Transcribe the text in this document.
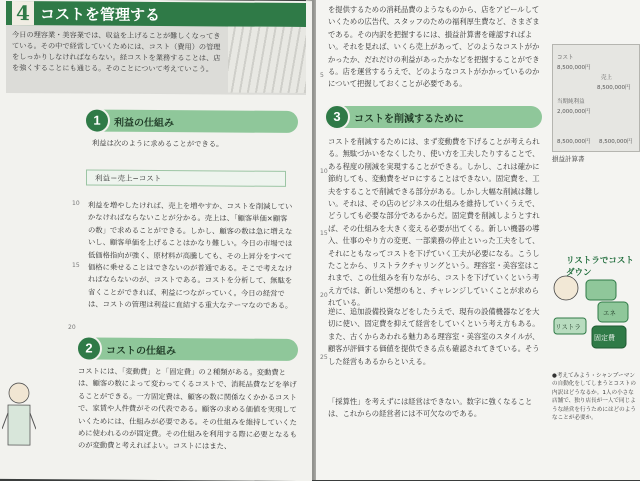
4 コストを管理する
今日の理容業・美容業では、収益を上げることが難しくなってきている。その中で経営していくためには、コスト（費用）の管理をしっかりしなければならない。経コストを業務することは、店を強くすることにも通じる。そのことについて考えていこう。
1	利益の仕組み
利益は次のように求めることができる。
利益＝売上−コスト
利益を増やしたければ、売上を増やすか、コストを削減していかなければならないことが分かる。売上は、「顧客単価×顧客の数」で求めることができる。しかし、顧客の数は急に増えないし、顧客単価を上げることはかなり難しい。今日の市場では低価格指向が強く、原材料が高騰しても、その上昇分をすべて価格に乗せることはできないのが普通である。そこで考えなければならないのが、コストである。コストを分析して、無駄を省くことができれば、利益につながっていく。今日の経営では、コストの管理は利益に直結する重大なテーマなのである。
2	コストの仕組み
コストには、「変動費」と「固定費」の２種類がある。変動費とは、顧客の数によって変わってくるコストで、消耗品費などを挙げることができる。一方固定費は、顧客の数に関係なくかかるコストで、家賃や人件費がその代表である。顧客の求める価値を実現していくためには、仕組みが必要である。その仕組みを維持していくために使われるのが固定費。その仕組みを利用する際に必要となるものが変動費と考えればよい。コストにはまた、
を提供するための消耗品費のようなものから、店をアピールしていくための広告代、スタッフのための福利厚生費など、さまざまである。その内訳を把握するには、損益計算書を確認すればよい。それを見れば、いくら売上があって、どのようなコストがかかったか、だれだけの利益があったかなどを把握することができる。店を運営するうえで、どのようなコストがかかっているのかについて把握しておくことが必要である。
3	コストを削減するために
コストを削減するためには、まず変動費を下げることが考えられる。無駄づかいをなくしたり、使い方を工夫したりすることで、ある程度の削減を実現することができる。しかし、これは確かに節約しても、変動費をゼロにすることはできない。固定費を、工夫をすることで削減できる部分がある。しかし大幅な削減は難しい。それは、その店のビジネスの仕組みを維持していくうえで、どうしても必要な部分であるからだ。固定費を削減しようとすれば、その仕組みを大きく変える必要が出てくる。新しい機器の導入、仕事のやり方の変更、一部業務の停止といった工夫をして、それにともなってコストを下げていく工夫が必要になる。こうしたことから、リストラクチャリングという。理容室・美容室はこれまで、この仕組みを有りながら、コストを下げていくという考え方では、新しい発想のもと、チャレンジしていくことが求められている。
逆に、追加設備投資などをしたうえで、現有の設備機器などを大切に使い、固定費を抑えて経営をしていくという考え方もある。また、古くからあわれる魅力ある理容室・美容室のスタイルが、顧客が評価する価値を提供できる点も確認されてきている。そうした経営もあるからといえる。
「採算性」を考えずには経営はできない。数字に強くなることは、これからの経営者には不可欠なのである。
コスト
8,500,000円
売上
8,500,000円
当期純利益
2,000,000円
8,500,000円 8,500,000円
損益計算書
リストラでコストダウン
リストラ
エネ
固定費
●考えてみよう・シャンプーマンの自動化をしてしまうとコストの内訳はどうなるか。1人の小さな店舗で、独り店長が一人で同じような経営を行うためにはどのようなことが必要か。
10
15
20
5
10
15
20
25
